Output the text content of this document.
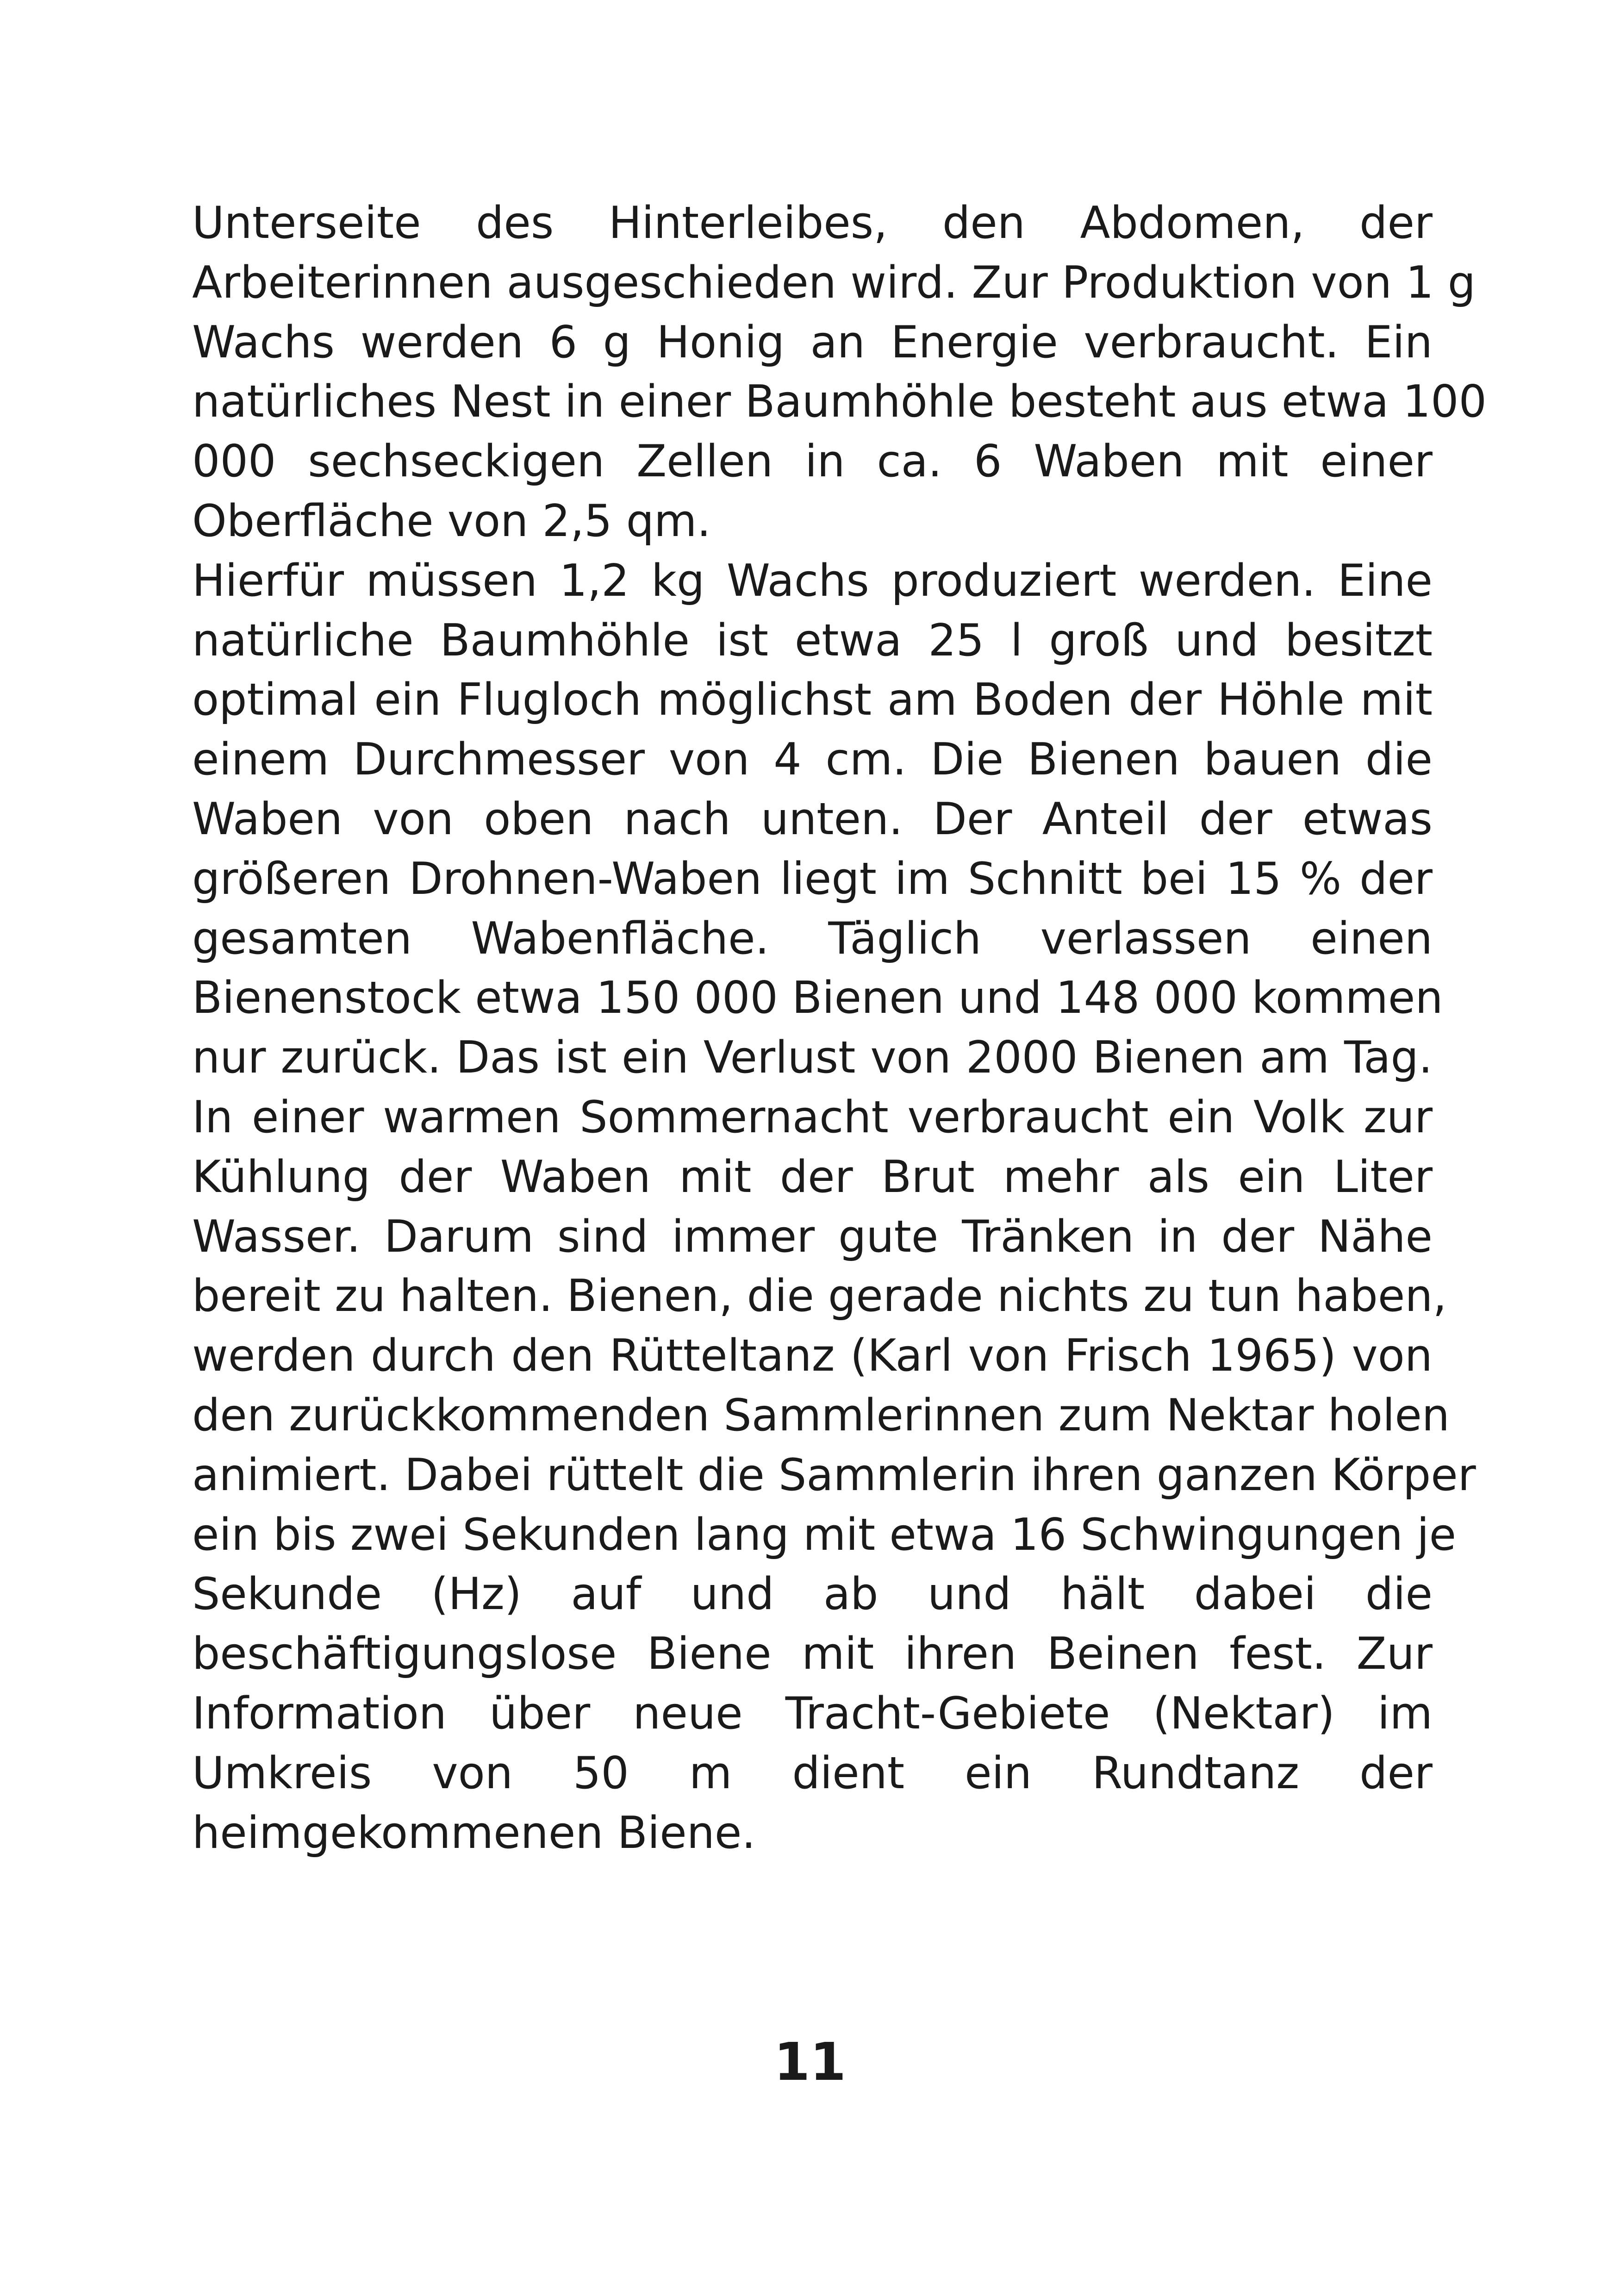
Unterseite des Hinterleibes, den Abdomen, der
Arbeiterinnen ausgeschieden wird. Zur Produktion von 1 g
Wachs werden 6 g Honig an Energie verbraucht. Ein
natürliches Nest in einer Baumhöhle besteht aus etwa 100
000 sechseckigen Zellen in ca. 6 Waben mit einer
Oberfläche von 2,5 qm.
Hierfür müssen 1,2 kg Wachs produziert werden. Eine
natürliche Baumhöhle ist etwa 25 l groß und besitzt
optimal ein Flugloch möglichst am Boden der Höhle mit
einem Durchmesser von 4 cm. Die Bienen bauen die
Waben von oben nach unten. Der Anteil der etwas
größeren Drohnen-Waben liegt im Schnitt bei 15 % der
gesamten Wabenfläche. Täglich verlassen einen
Bienenstock etwa 150 000 Bienen und 148 000 kommen
nur zurück. Das ist ein Verlust von 2000 Bienen am Tag.
In einer warmen Sommernacht verbraucht ein Volk zur
Kühlung der Waben mit der Brut mehr als ein Liter
Wasser. Darum sind immer gute Tränken in der Nähe
bereit zu halten. Bienen, die gerade nichts zu tun haben,
werden durch den Rütteltanz (Karl von Frisch 1965) von
den zurückkommenden Sammlerinnen zum Nektar holen
animiert. Dabei rüttelt die Sammlerin ihren ganzen Körper
ein bis zwei Sekunden lang mit etwa 16 Schwingungen je
Sekunde (Hz) auf und ab und hält dabei die
beschäftigungslose Biene mit ihren Beinen fest. Zur
Information über neue Tracht-Gebiete (Nektar) im
Umkreis von 50 m dient ein Rundtanz der
heimgekommenen Biene.
11
